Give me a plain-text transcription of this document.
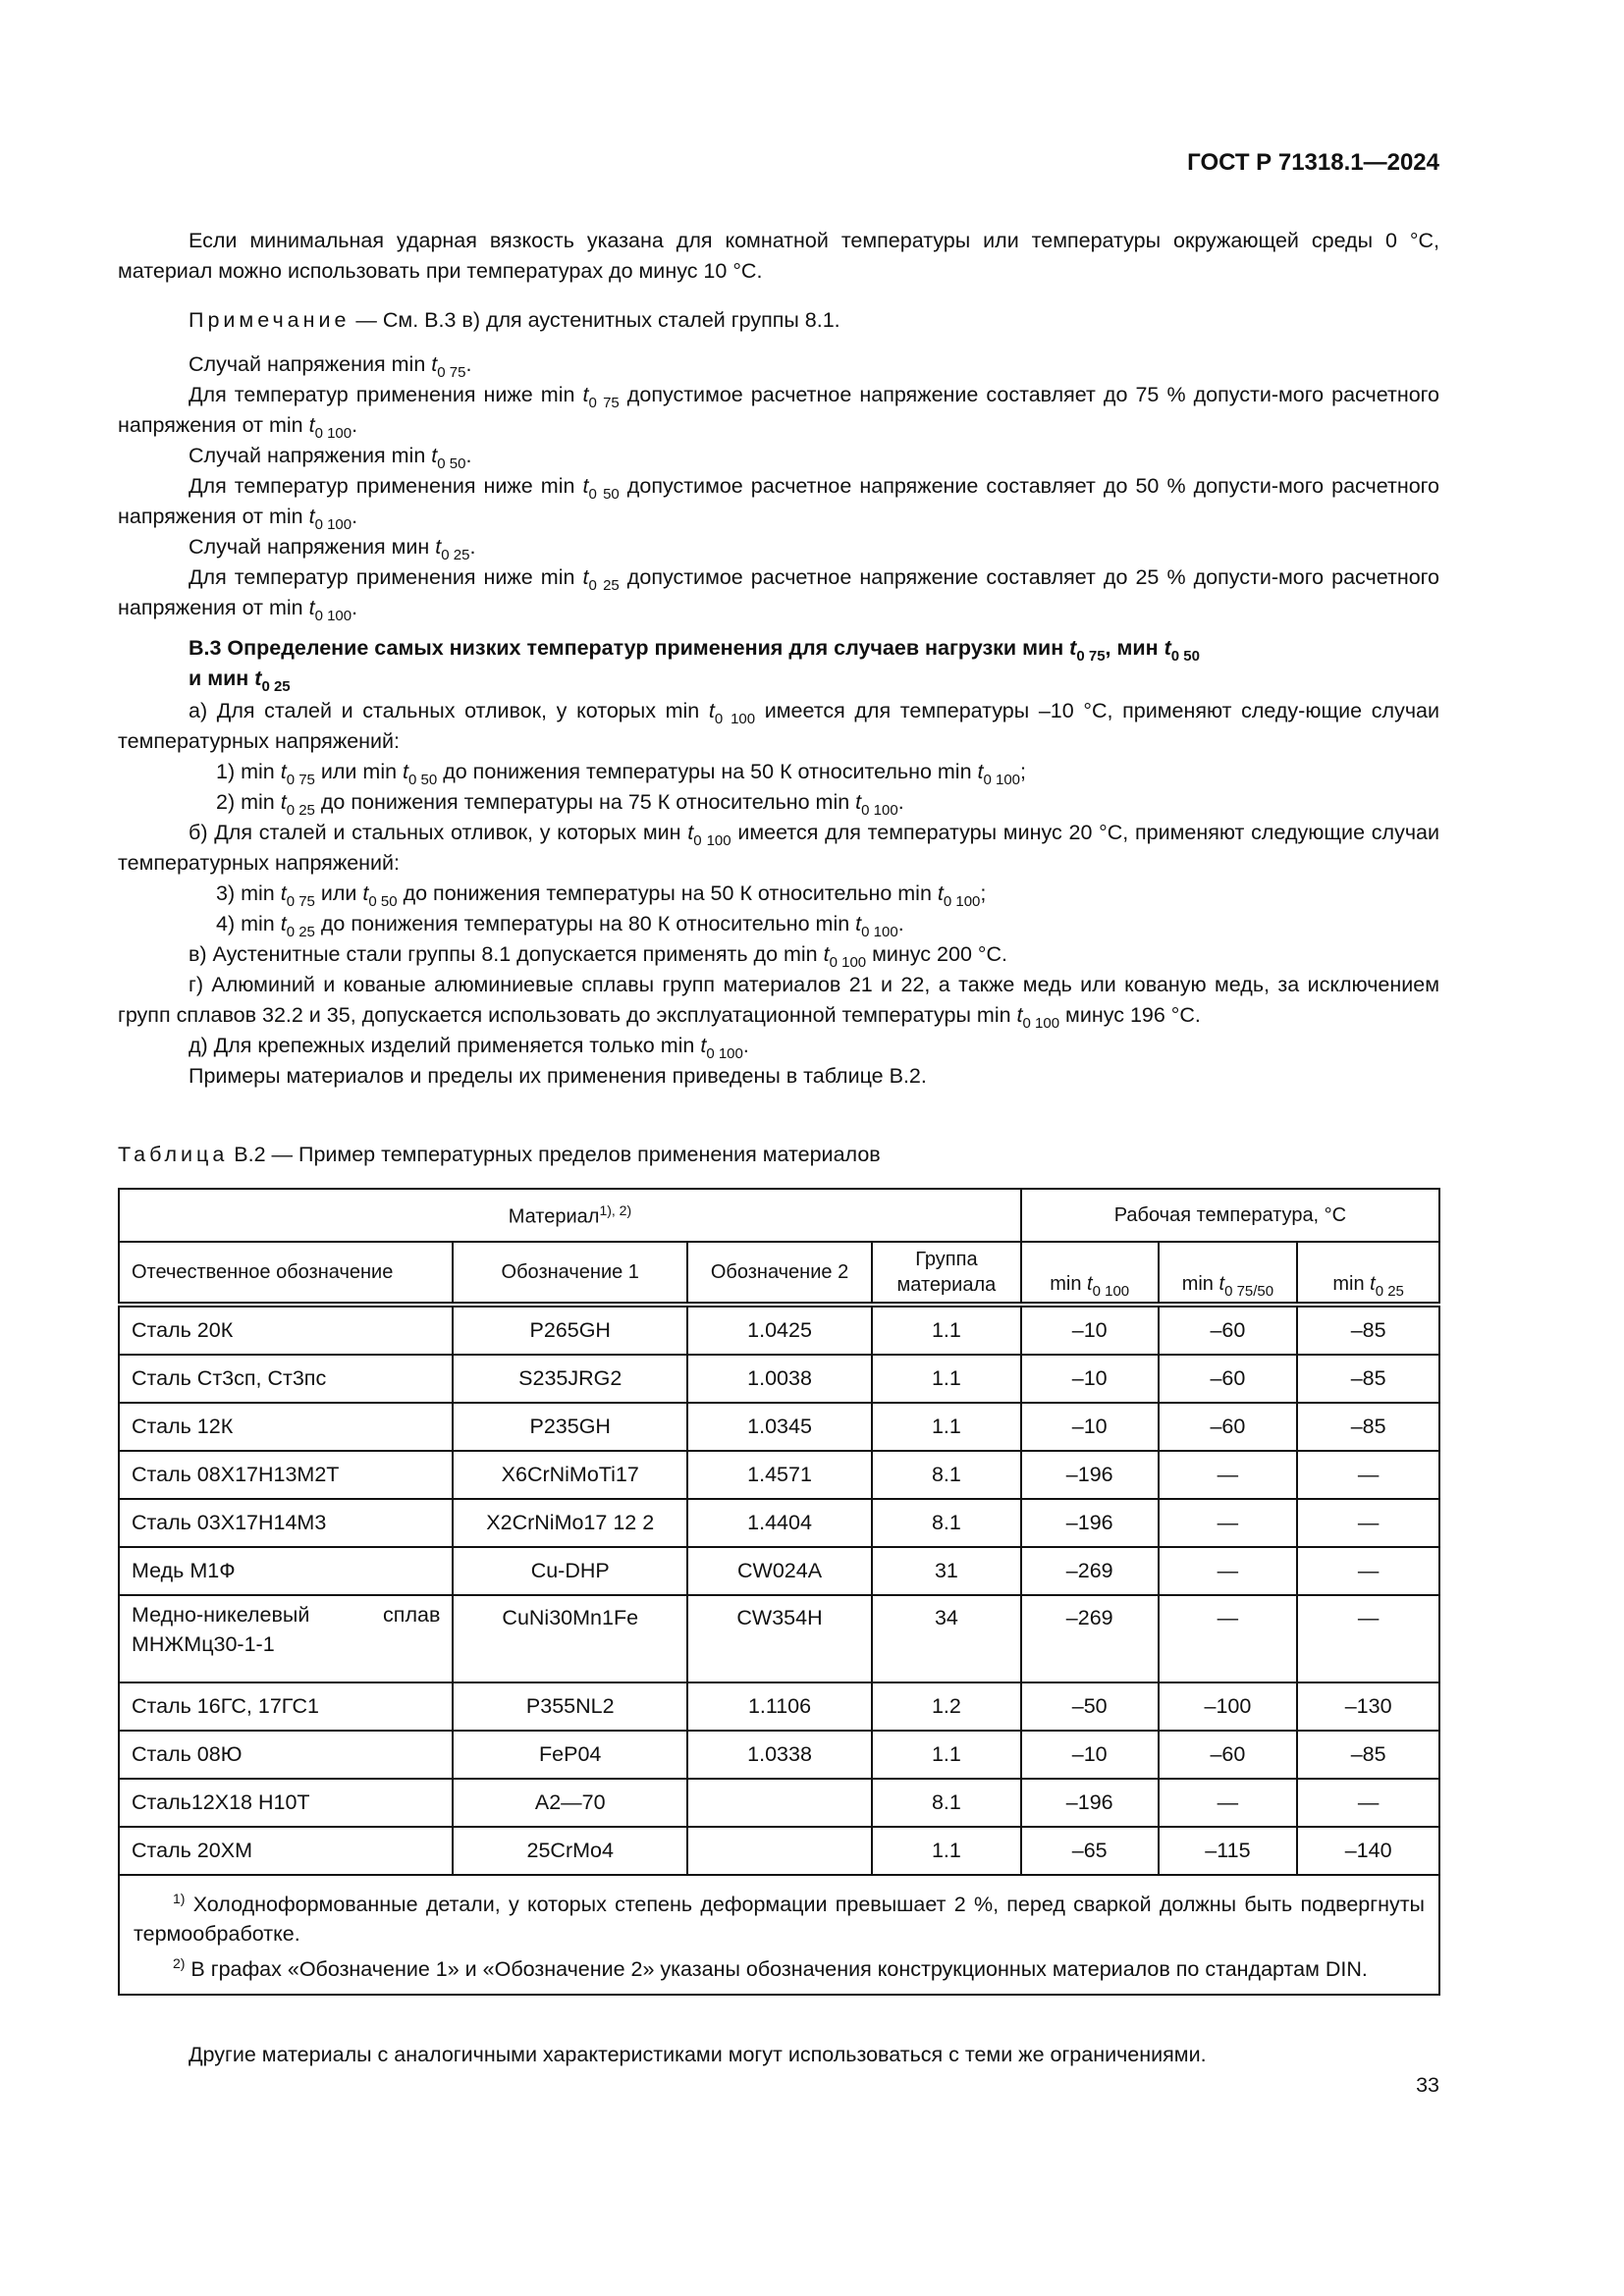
ГОСТ Р 71318.1—2024

Если минимальная ударная вязкость указана для комнатной температуры или температуры окружающей среды 0 °С, материал можно использовать при температурах до минус 10 °С.

Примечание — См. В.3 в) для аустенитных сталей группы 8.1.

Случай напряжения $\min t_{0 75}$.

Для температур применения ниже $\min t_{0 75}$ допустимое расчетное напряжение составляет до 75 % допусти-мого расчетного напряжения от $\min t_{0 100}$.

Случай напряжения $\min t_{0 50}$.

Для температур применения ниже $\min t_{0 50}$ допустимое расчетное напряжение составляет до 50 % допусти-мого расчетного напряжения от $\min t_{0 100}$.

Случай напряжения мин $t_{0 25}$.

Для температур применения ниже $\min t_{0 25}$ допустимое расчетное напряжение составляет до 25 % допусти-мого расчетного напряжения от $\min t_{0 100}$.

В.3 Определение самых низких температур применения для случаев нагрузки мин $t_{0 75}$, мин $t_{0 50}$

и мин $t_{0 25}$

а) Для сталей и стальных отливок, у которых $\min t_{0 100}$ имеется для температуры –10 °С, применяют следу-ющие случаи температурных напряжений:

1) $\min t_{0 75}$ или $\min t_{0 50}$ до понижения температуры на 50 К относительно $\min t_{0 100}$;

2) $\min t_{0 25}$ до понижения температуры на 75 К относительно $\min t_{0 100}$.

б) Для сталей и стальных отливок, у которых мин $t_{0 100}$ имеется для температуры минус 20 °С, применяют следующие случаи температурных напряжений:

3) $\min t_{0 75}$ или $t_{0 50}$ до понижения температуры на 50 К относительно $\min t_{0 100}$;

4) $\min t_{0 25}$ до понижения температуры на 80 К относительно $\min t_{0 100}$.

в) Аустенитные стали группы 8.1 допускается применять до $\min t_{0 100}$ минус 200 °С.

г) Алюминий и кованые алюминиевые сплавы групп материалов 21 и 22, а также медь или кованую медь, за исключением групп сплавов 32.2 и 35, допускается использовать до эксплуатационной температуры $\min t_{0 100}$ минус 196 °С.

д) Для крепежных изделий применяется только $\min t_{0 100}$.

Примеры материалов и пределы их применения приведены в таблице В.2.

Таблица В.2 — Пример температурных пределов применения материалов
Материал$^{1), 2)}$				Рабочая температура, °С		
Отечественное обозначение	Обозначение 1	Обозначение 2	Группа материала	$\min t_{0 100}$	$\min t_{0 75/50}$	$\min t_{0 25}$
Сталь 20К	P265GH	1.0425	1.1	–10	–60	–85
Сталь Ст3сп, Ст3пс	S235JRG2	1.0038	1.1	–10	–60	–85
Сталь 12К	P235GH	1.0345	1.1	–10	–60	–85
Сталь 08Х17Н13М2Т	X6CrNiMoTi17	1.4571	8.1	–196	—	—
Сталь 03Х17Н14М3	X2CrNiMo17 12 2	1.4404	8.1	–196	—	—
Медь М1Ф	Cu-DHP	CW024A	31	–269	—	—
Медно-никелевый сплав МНЖМц30-1-1	CuNi30Mn1Fe	CW354H	34	–269	—	—
Сталь 16ГС, 17ГС1	P355NL2	1.1106	1.2	–50	–100	–130
Сталь 08Ю	FeP04	1.0338	1.1	–10	–60	–85
Сталь12Х18 Н10Т	A2—70		8.1	–196	—	—
Сталь 20ХМ	25CrMo4		1.1	–65	–115	–140

$^{1)}$ Холодноформованные детали, у которых степень деформации превышает 2 %, перед сваркой должны быть подвергнуты термообработке.

$^{2)}$ В графах «Обозначение 1» и «Обозначение 2» указаны обозначения конструкционных материалов по стандартам DIN.						

Другие материалы с аналогичными характеристиками могут использоваться с теми же ограничениями.

33
